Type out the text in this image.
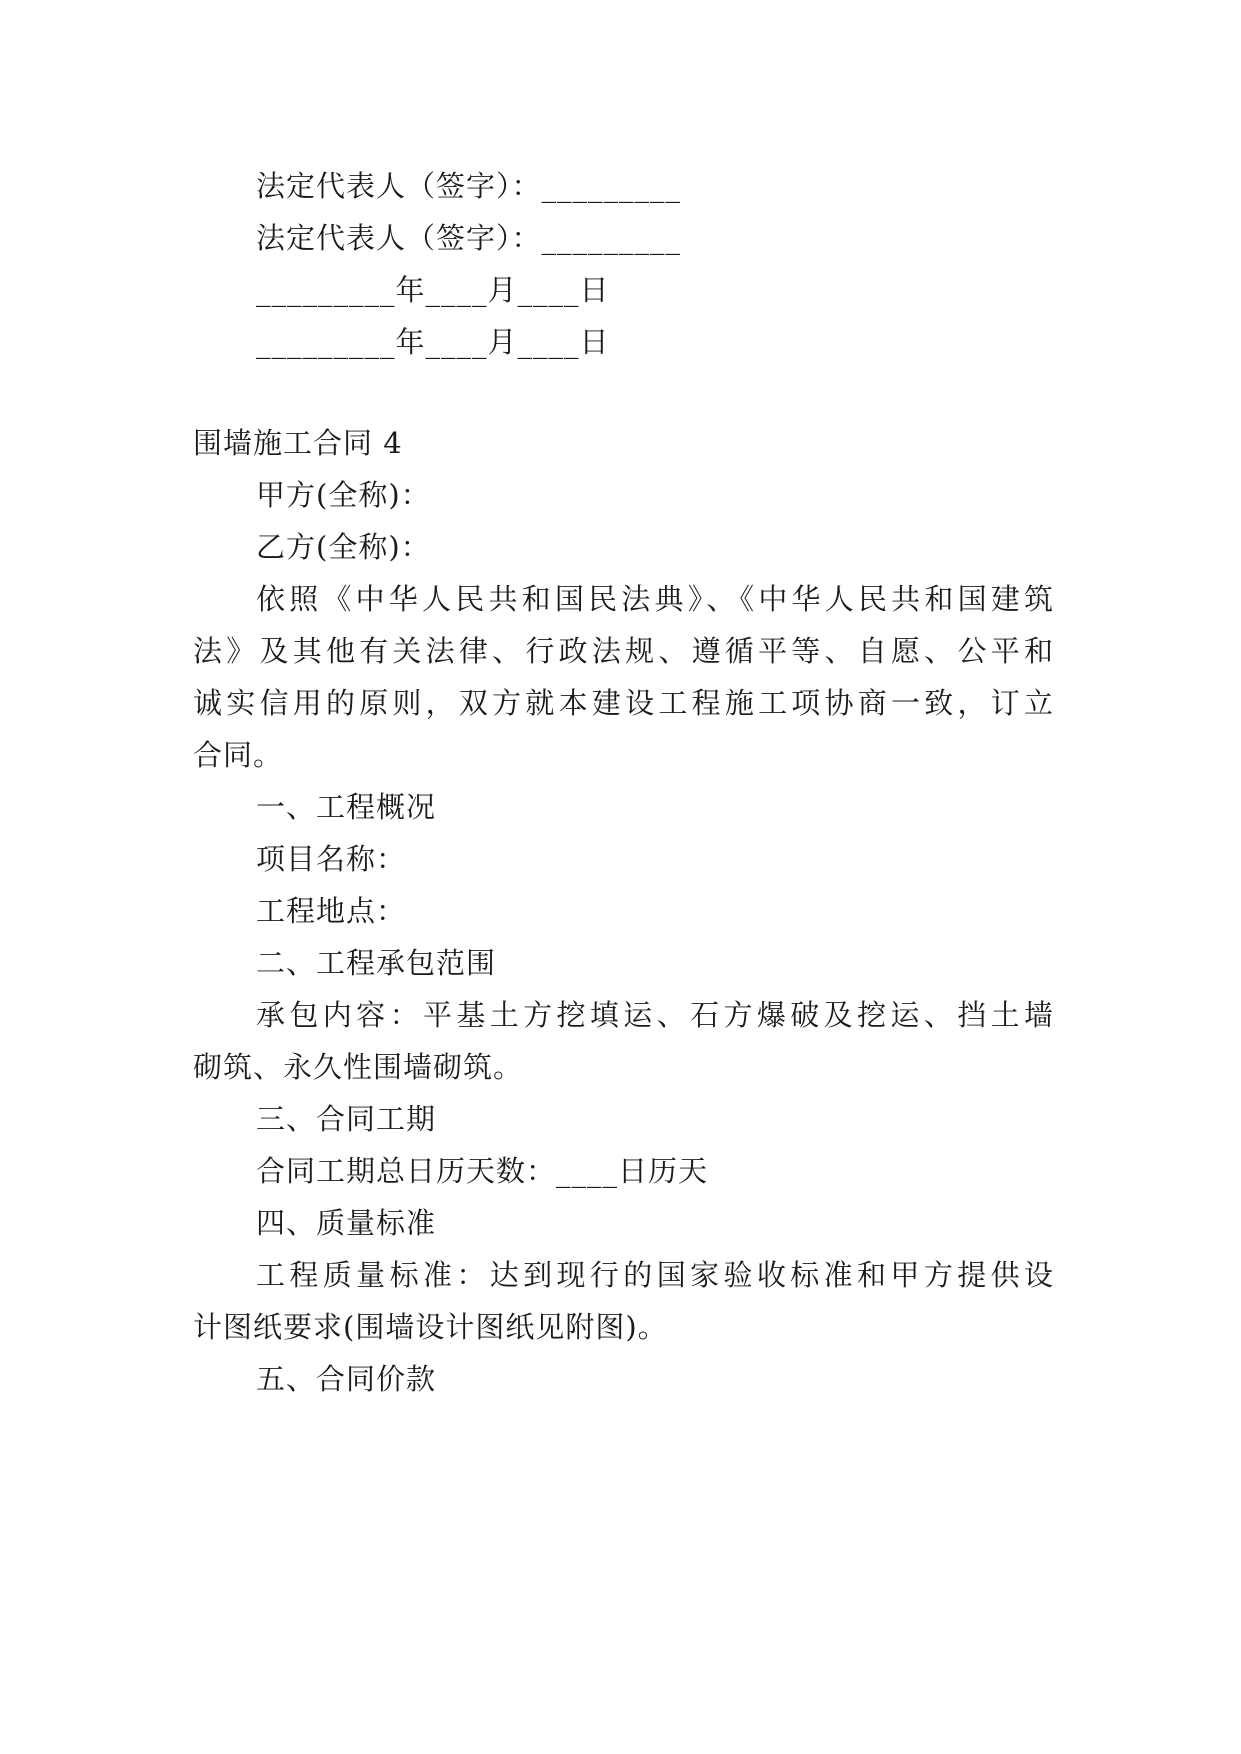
法定代表人（签字）：_________
法定代表人（签字）：_________
_________年____月____日
_________年____月____日
围墙施工合同 4
甲方(全称)：
乙方(全称)：
依照《中华人民共和国民法典》、《中华人民共和国建筑
法》及其他有关法律、行政法规、遵循平等、自愿、公平和
诚实信用的原则，双方就本建设工程施工项协商一致，订立
合同。
一、工程概况
项目名称：
工程地点：
二、工程承包范围
承包内容：平基土方挖填运、石方爆破及挖运、挡土墙
砌筑、永久性围墙砌筑。
三、合同工期
合同工期总日历天数：____日历天
四、质量标准
工程质量标准：达到现行的国家验收标准和甲方提供设
计图纸要求(围墙设计图纸见附图)。
五、合同价款
